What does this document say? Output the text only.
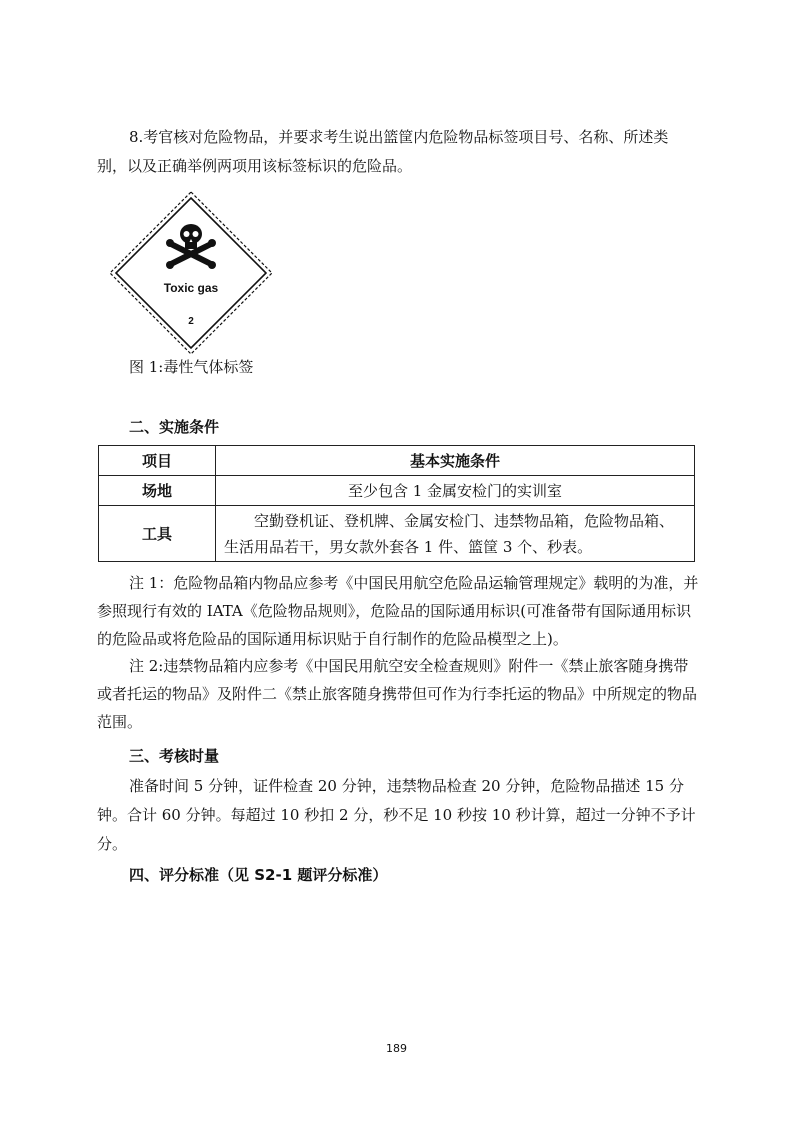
8.考官核对危险物品，并要求考生说出篮筐内危险物品标签项目号、名称、所述类
别，以及正确举例两项用该标签标识的危险品。
Toxic gas
2
图 1:毒性气体标签
二、实施条件
项目	基本实施条件
场地	至少包含 1 金属安检门的实训室
工具	空勤登机证、登机牌、金属安检门、违禁物品箱，危险物品箱、
生活用品若干，男女款外套各 1 件、篮筐 3 个、秒表。
注 1：危险物品箱内物品应参考《中国民用航空危险品运输管理规定》载明的为准，并
参照现行有效的 IATA《危险物品规则》，危险品的国际通用标识(可准备带有国际通用标识
的危险品或将危险品的国际通用标识贴于自行制作的危险品模型之上)。
注 2:违禁物品箱内应参考《中国民用航空安全检查规则》附件一《禁止旅客随身携带
或者托运的物品》及附件二《禁止旅客随身携带但可作为行李托运的物品》中所规定的物品
范围。
三、考核时量
准备时间 5 分钟，证件检查 20 分钟，违禁物品检查 20 分钟，危险物品描述 15 分
钟。合计 60 分钟。每超过 10 秒扣 2 分，秒不足 10 秒按 10 秒计算，超过一分钟不予计
分。
四、评分标准（见 S2-1 题评分标准）
189
